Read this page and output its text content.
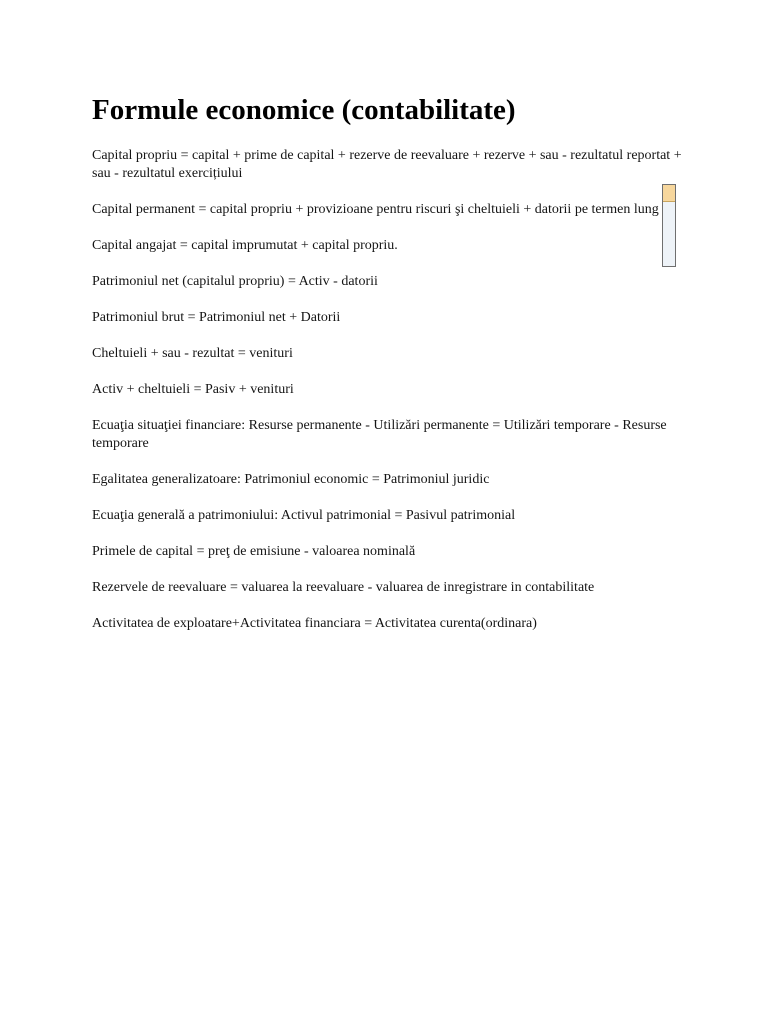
Formule economice (contabilitate)

Capital propriu = capital + prime de capital + rezerve de reevaluare + rezerve + sau - rezultatul reportat + sau - rezultatul exercițiului

Capital permanent = capital propriu + provizioane pentru riscuri şi cheltuieli + datorii pe termen lung

Capital angajat = capital imprumutat + capital propriu.

Patrimoniul net (capitalul propriu) = Activ - datorii

Patrimoniul brut = Patrimoniul net + Datorii

Cheltuieli + sau - rezultat = venituri

Activ + cheltuieli = Pasiv + venituri

Ecuaţia situaţiei financiare: Resurse permanente - Utilizări permanente = Utilizări temporare - Resurse temporare

Egalitatea generalizatoare: Patrimoniul economic = Patrimoniul juridic

Ecuaţia generală a patrimoniului: Activul patrimonial = Pasivul patrimonial

Primele de capital = preţ de emisiune - valoarea nominală

Rezervele de reevaluare = valuarea la reevaluare - valuarea de inregistrare in contabilitate

Activitatea de exploatare+Activitatea financiara = Activitatea curenta(ordinara)
